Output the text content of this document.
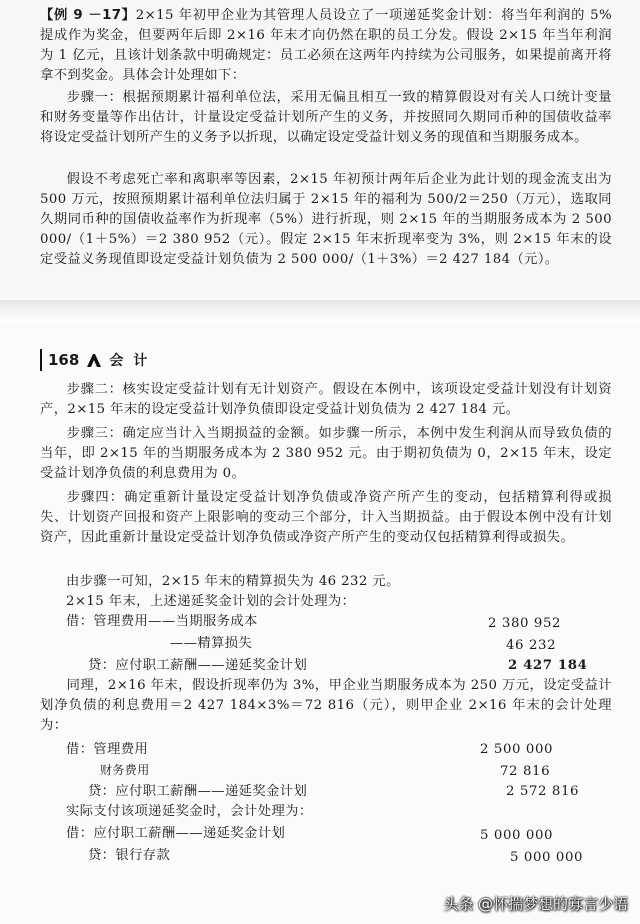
【例 9 －17】2×15 年初甲企业为其管理人员设立了一项递延奖金计划：将当年利润的 5%提成作为奖金，但要两年后即 2×16 年末才向仍然在职的员工分发。假设 2×15 年当年利润为 1 亿元，且该计划条款中明确规定：员工必须在这两年内持续为公司服务，如果提前离开将拿不到奖金。具体会计处理如下：

步骤一：根据预期累计福利单位法，采用无偏且相互一致的精算假设对有关人口统计变量和财务变量等作出估计，计量设定受益计划所产生的义务，并按照同久期同币种的国债收益率将设定受益计划所产生的义务予以折现，以确定设定受益计划义务的现值和当期服务成本。

假设不考虑死亡率和离职率等因素，2×15 年初预计两年后企业为此计划的现金流支出为 500 万元，按照预期累计福利单位法归属于 2×15 年的福利为 500/2＝250（万元），选取同久期同币种的国债收益率作为折现率（5%）进行折现，则 2×15 年的当期服务成本为 2 500 000/（1＋5%）＝2 380 952（元）。假定 2×15 年末折现率变为 3%，则 2×15 年末的设定受益义务现值即设定受益计划负债为 2 500 000/（1＋3%）＝2 427 184（元）。

168 会计

步骤二：核实设定受益计划有无计划资产。假设在本例中，该项设定受益计划没有计划资产，2×15 年末的设定受益计划净负债即设定受益计划负债为 2 427 184 元。

步骤三：确定应当计入当期损益的金额。如步骤一所示，本例中发生利润从而导致负债的当年，即 2×15 年的当期服务成本为 2 380 952 元。由于期初负债为 0，2×15 年末，设定受益计划净负债的利息费用为 0。

步骤四：确定重新计量设定受益计划净负债或净资产所产生的变动，包括精算利得或损失、计划资产回报和资产上限影响的变动三个部分，计入当期损益。由于假设本例中没有计划资产，因此重新计量设定受益计划净负债或净资产所产生的变动仅包括精算利得或损失。

由步骤一可知，2×15 年末的精算损失为 46 232 元。
2×15 年末，上述递延奖金计划的会计处理为：
借：管理费用——当期服务成本	2 380 952
——精算损失	46 232
贷：应付职工薪酬——递延奖金计划	2 427 184

同理，2×16 年末，假设折现率仍为 3%，甲企业当期服务成本为 250 万元，设定受益计划净负债的利息费用＝2 427 184×3%＝72 816（元），则甲企业 2×16 年末的会计处理为：

借：管理费用	2 500 000
财务费用	72 816
贷：应付职工薪酬——递延奖金计划	2 572 816
实际支付该项递延奖金时，会计处理为：
借：应付职工薪酬——递延奖金计划	5 000 000
贷：银行存款	5 000 000
头条 @怀揣梦想的寡言少语
